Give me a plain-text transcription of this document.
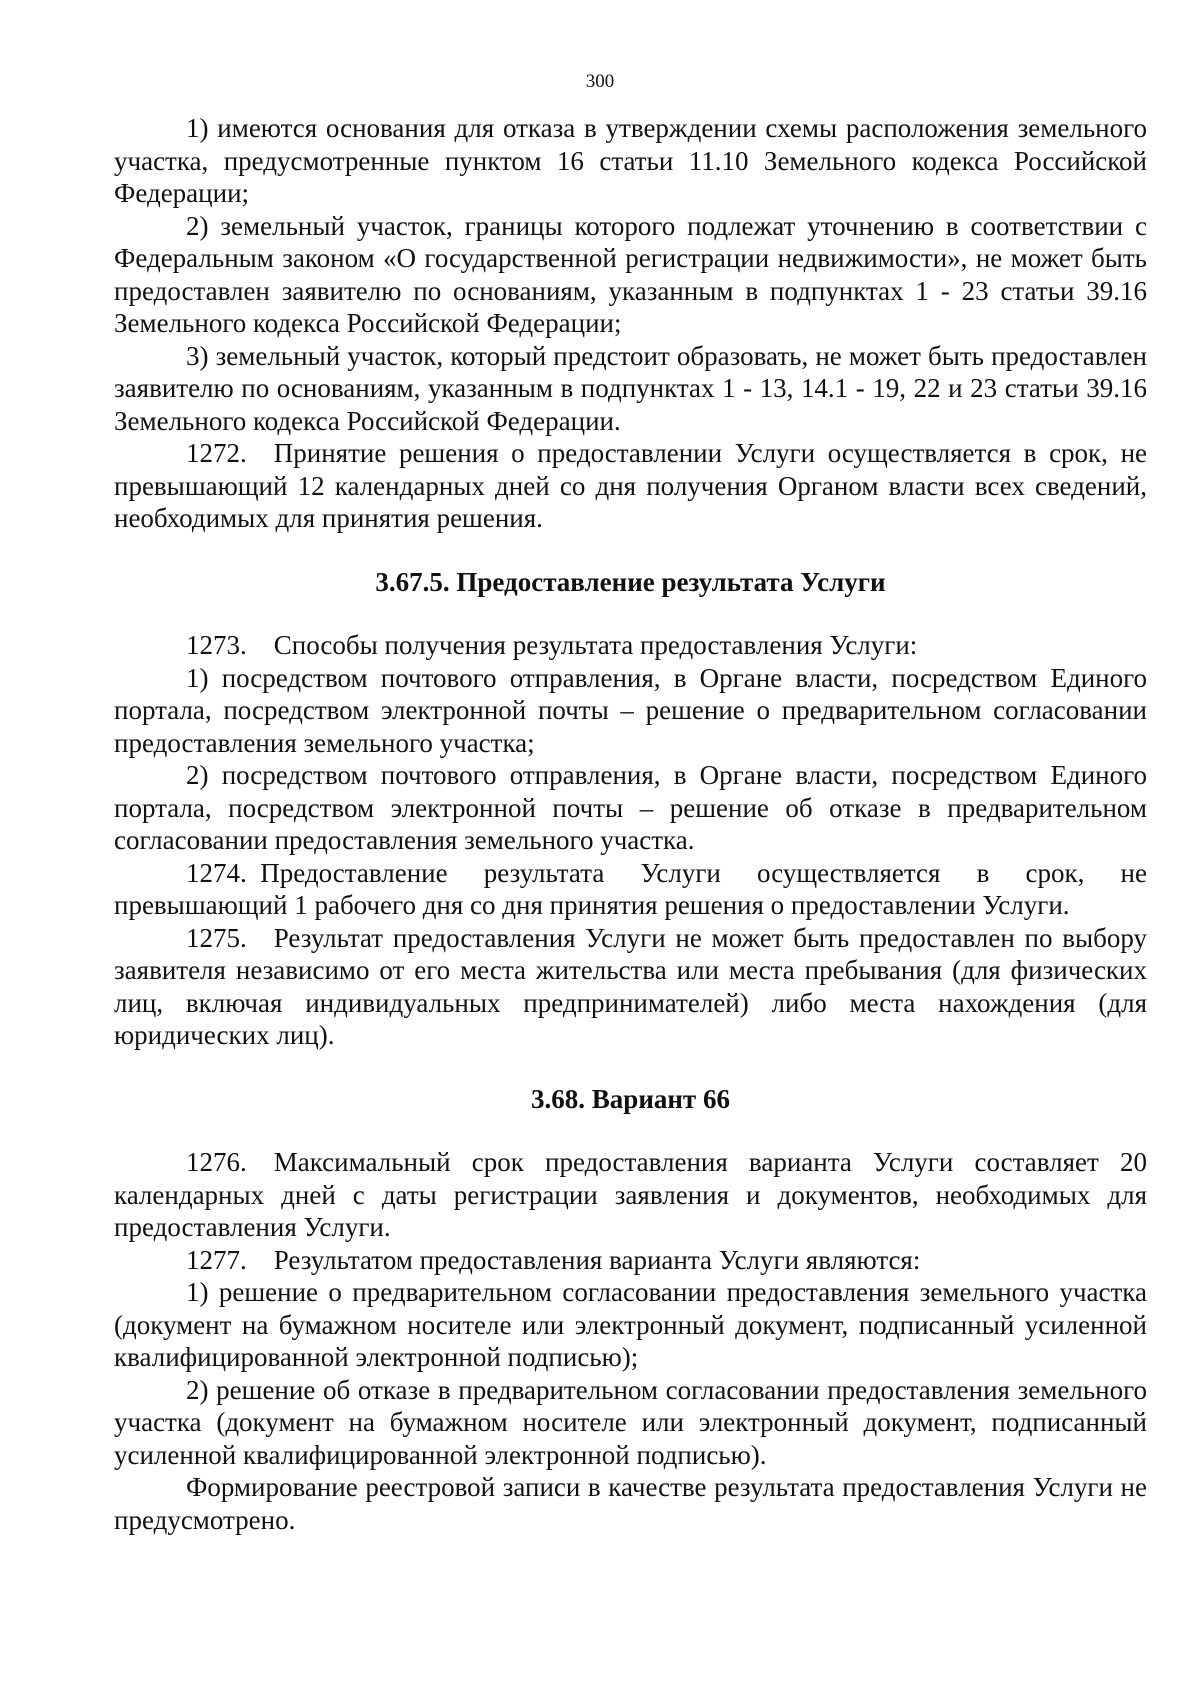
300

1) имеются основания для отказа в утверждении схемы расположения земельного участка, предусмотренные пунктом 16 статьи 11.10 Земельного кодекса Российской Федерации;

2) земельный участок, границы которого подлежат уточнению в соответствии с Федеральным законом «О государственной регистрации недвижимости», не может быть предоставлен заявителю по основаниям, указанным в подпунктах 1 - 23 статьи 39.16 Земельного кодекса Российской Федерации;

3) земельный участок, который предстоит образовать, не может быть предоставлен заявителю по основаниям, указанным в подпунктах 1 - 13, 14.1 - 19, 22 и 23 статьи 39.16 Земельного кодекса Российской Федерации.

1272. Принятие решения о предоставлении Услуги осуществляется в срок, не превышающий 12 календарных дней со дня получения Органом власти всех сведений, необходимых для принятия решения.

3.67.5. Предоставление результата Услуги

1273. Способы получения результата предоставления Услуги:

1) посредством почтового отправления, в Органе власти, посредством Единого портала, посредством электронной почты – решение о предварительном согласовании предоставления земельного участка;

2) посредством почтового отправления, в Органе власти, посредством Единого портала, посредством электронной почты – решение об отказе в предварительном согласовании предоставления земельного участка.

1274. Предоставление результата Услуги осуществляется в срок, не превышающий 1 рабочего дня со дня принятия решения о предоставлении Услуги.

1275. Результат предоставления Услуги не может быть предоставлен по выбору заявителя независимо от его места жительства или места пребывания (для физических лиц, включая индивидуальных предпринимателей) либо места нахождения (для юридических лиц).

3.68. Вариант 66

1276. Максимальный срок предоставления варианта Услуги составляет 20 календарных дней с даты регистрации заявления и документов, необходимых для предоставления Услуги.

1277. Результатом предоставления варианта Услуги являются:

1) решение о предварительном согласовании предоставления земельного участка (документ на бумажном носителе или электронный документ, подписанный усиленной квалифицированной электронной подписью);

2) решение об отказе в предварительном согласовании предоставления земельного участка (документ на бумажном носителе или электронный документ, подписанный усиленной квалифицированной электронной подписью).

Формирование реестровой записи в качестве результата предоставления Услуги не предусмотрено.
